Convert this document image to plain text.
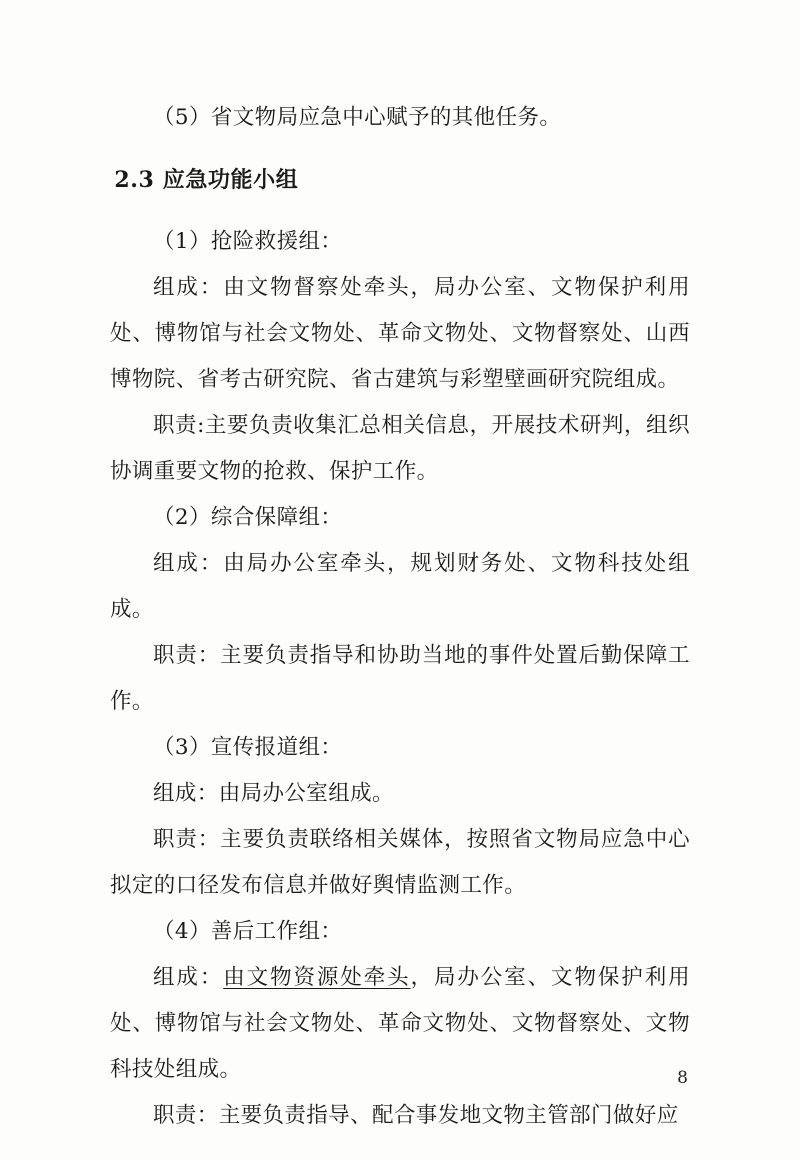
（5）省文物局应急中心赋予的其他任务。

2.3 应急功能小组

（1）抢险救援组：

组成：由文物督察处牵头，局办公室、文物保护利用处、博物馆与社会文物处、革命文物处、文物督察处、山西博物院、省考古研究院、省古建筑与彩塑壁画研究院组成。

职责:主要负责收集汇总相关信息，开展技术研判，组织协调重要文物的抢救、保护工作。

（2）综合保障组：

组成：由局办公室牵头，规划财务处、文物科技处组成。

职责：主要负责指导和协助当地的事件处置后勤保障工作。

（3）宣传报道组：

组成：由局办公室组成。

职责：主要负责联络相关媒体，按照省文物局应急中心拟定的口径发布信息并做好舆情监测工作。

（4）善后工作组：

组成：由文物资源处牵头，局办公室、文物保护利用处、博物馆与社会文物处、革命文物处、文物督察处、文物科技处组成。

职责：主要负责指导、配合事发地文物主管部门做好应

8
